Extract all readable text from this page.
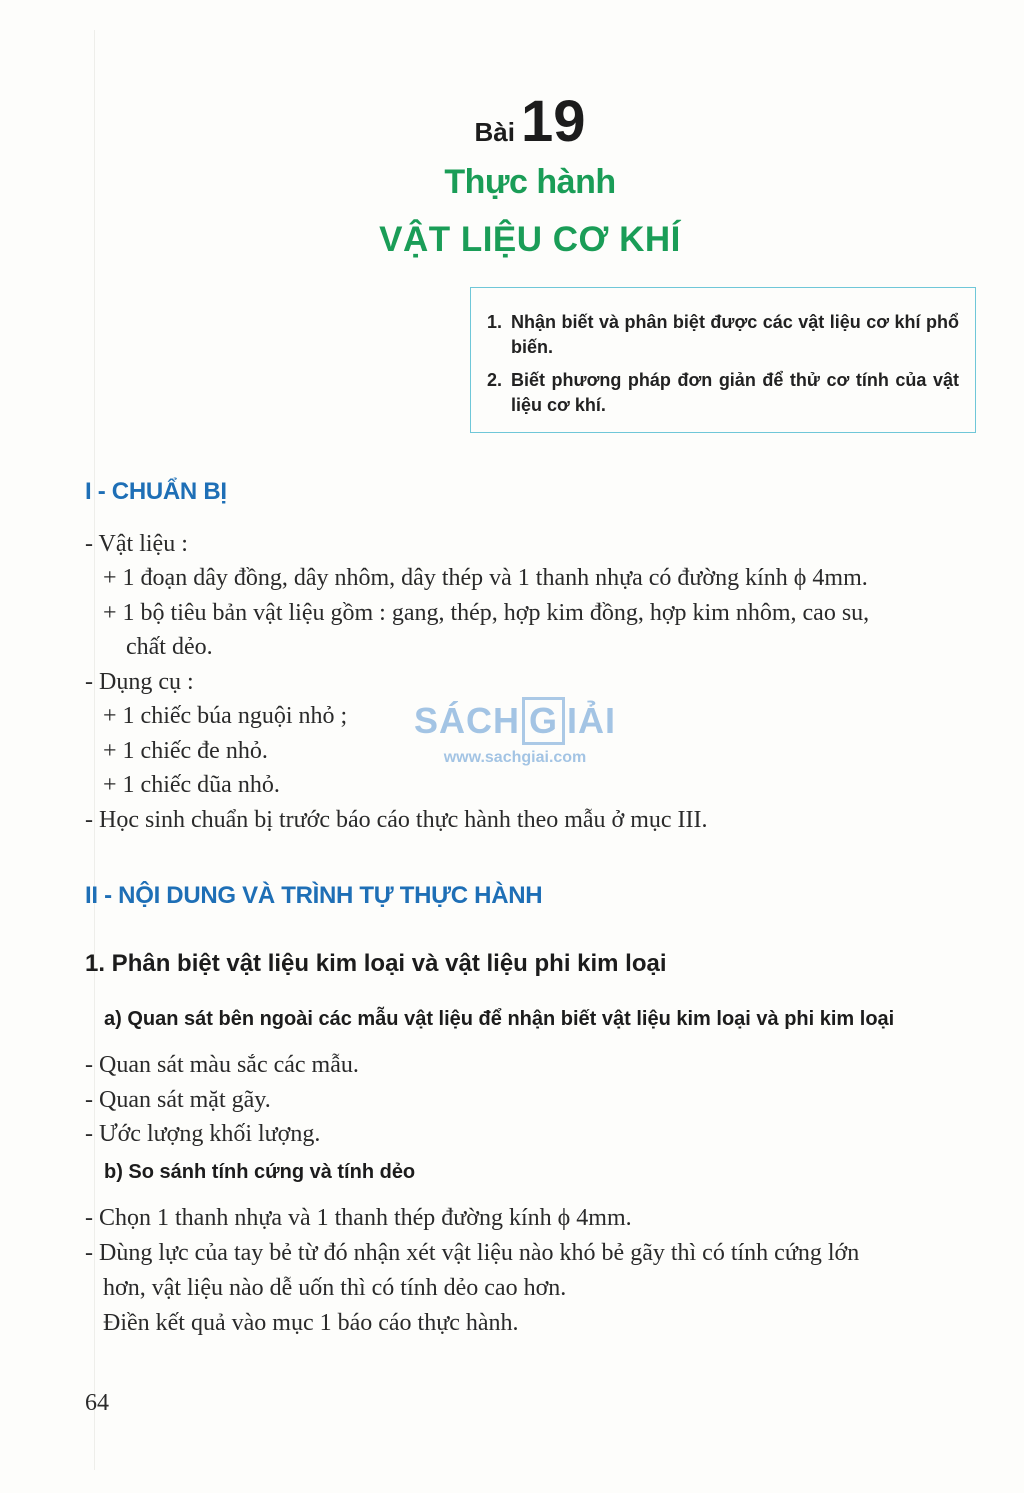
Bài 19
Thực hành
VẬT LIỆU CƠ KHÍ
1. Nhận biết và phân biệt được các vật liệu cơ khí phổ biến.
2. Biết phương pháp đơn giản để thử cơ tính của vật liệu cơ khí.
I - CHUẨN BỊ
- Vật liệu :
+ 1 đoạn dây đồng, dây nhôm, dây thép và 1 thanh nhựa có đường kính ϕ 4mm.
+ 1 bộ tiêu bản vật liệu gồm : gang, thép, hợp kim đồng, hợp kim nhôm, cao su,
chất dẻo.
- Dụng cụ :
+ 1 chiếc búa nguội nhỏ ;
+ 1 chiếc đe nhỏ.
+ 1 chiếc dũa nhỏ.
- Học sinh chuẩn bị trước báo cáo thực hành theo mẫu ở mục III.
SÁCH G IẢI
www.sachgiai.com
II - NỘI DUNG VÀ TRÌNH TỰ THỰC HÀNH
1. Phân biệt vật liệu kim loại và vật liệu phi kim loại
a) Quan sát bên ngoài các mẫu vật liệu để nhận biết vật liệu kim loại và phi kim loại
- Quan sát màu sắc các mẫu.
- Quan sát mặt gãy.
- Ước lượng khối lượng.
b) So sánh tính cứng và tính dẻo
- Chọn 1 thanh nhựa và 1 thanh thép đường kính ϕ 4mm.
- Dùng lực của tay bẻ từ đó nhận xét vật liệu nào khó bẻ gãy thì có tính cứng lớn
hơn, vật liệu nào dễ uốn thì có tính dẻo cao hơn.
Điền kết quả vào mục 1 báo cáo thực hành.
64
